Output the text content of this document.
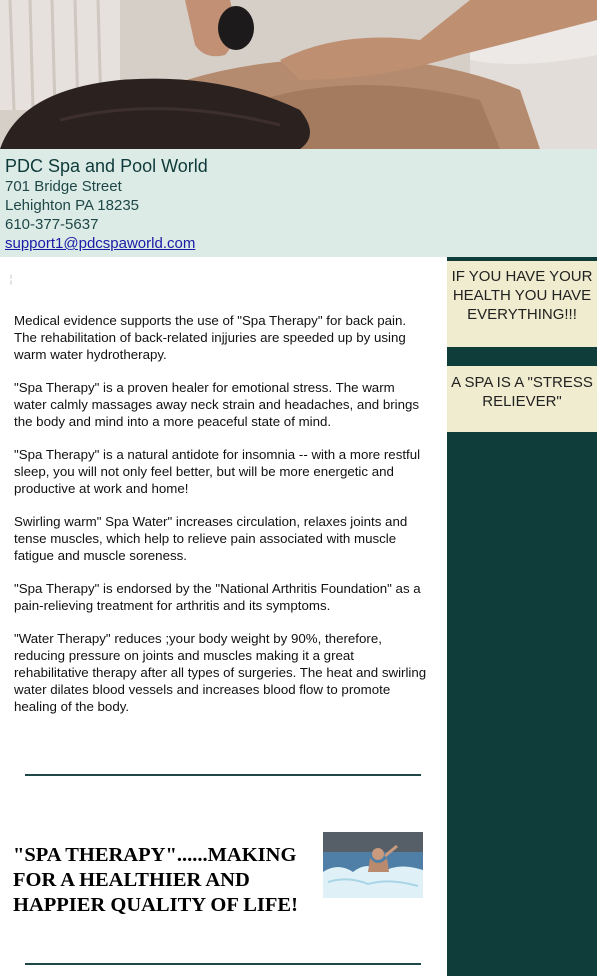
PDC Spa and Pool World
701 Bridge Street
Lehighton PA 18235
610-377-5637
support1@pdcspaworld.com
╎

Medical evidence supports the use of "Spa Therapy" for back pain. The rehabilitation of back-related injjuries are speeded up by using warm water hydrotherapy.

"Spa Therapy" is a proven healer for emotional stress. The warm water calmly massages away neck strain and headaches, and brings the body and mind into a more peaceful state of mind.

"Spa Therapy" is a natural antidote for insomnia -- with a more restful sleep, you will not only feel better, but will be more energetic and productive at work and home!

Swirling warm" Spa Water" increases circulation, relaxes joints and tense muscles, which help to relieve pain associated with muscle fatigue and muscle soreness.

"Spa Therapy" is endorsed by the "National Arthritis Foundation" as a pain-relieving treatment for arthritis and its symptoms.

"Water Therapy" reduces ;your body weight by 90%, therefore, reducing pressure on joints and muscles making it a great rehabilitative therapy after all types of surgeries. The heat and swirling water dilates blood vessels and increases blood flow to promote healing of the body.

"SPA THERAPY"......MAKING FOR A HEALTHIER AND HAPPIER QUALITY OF LIFE!
IF YOU HAVE YOUR HEALTH YOU HAVE EVERYTHING!!!
A SPA IS A "STRESS RELIEVER"
